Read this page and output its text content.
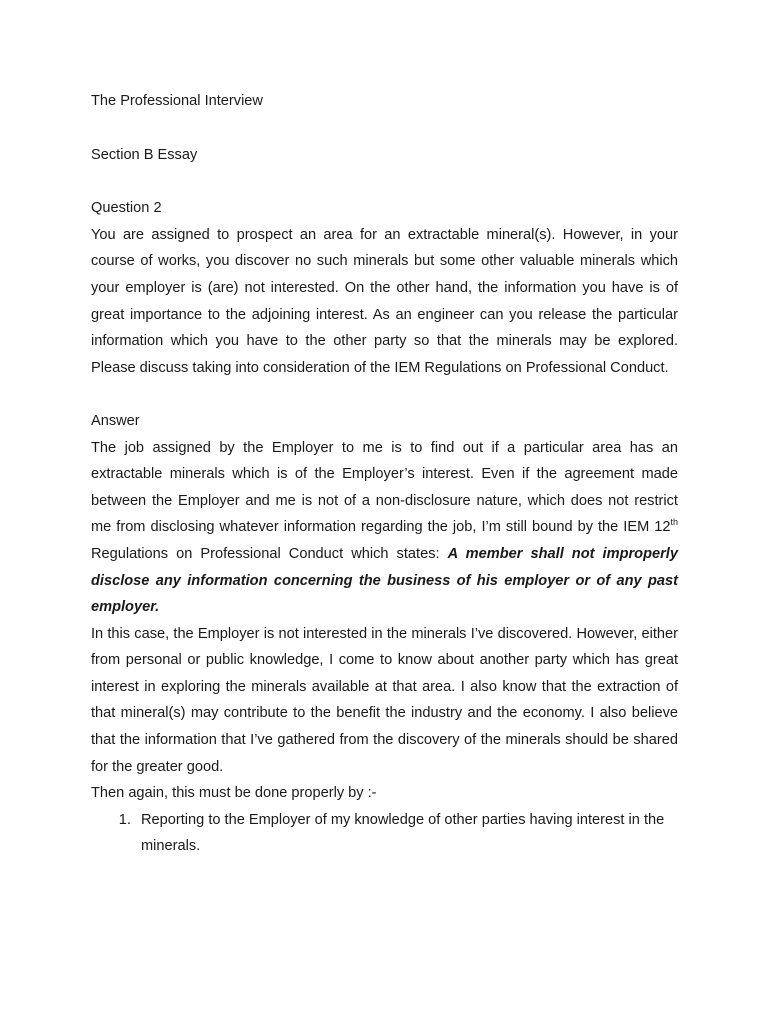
The Professional Interview

Section B Essay

Question 2

You are assigned to prospect an area for an extractable mineral(s). However, in your course of works, you discover no such minerals but some other valuable minerals which your employer is (are) not interested. On the other hand, the information you have is of great importance to the adjoining interest. As an engineer can you release the particular information which you have to the other party so that the minerals may be explored. Please discuss taking into consideration of the IEM Regulations on Professional Conduct.

Answer

The job assigned by the Employer to me is to find out if a particular area has an extractable minerals which is of the Employer’s interest. Even if the agreement made between the Employer and me is not of a non-disclosure nature, which does not restrict me from disclosing whatever information regarding the job, I’m still bound by the IEM 12th Regulations on Professional Conduct which states: A member shall not improperly disclose any information concerning the business of his employer or of any past employer.

In this case, the Employer is not interested in the minerals I’ve discovered. However, either from personal or public knowledge, I come to know about another party which has great interest in exploring the minerals available at that area. I also know that the extraction of that mineral(s) may contribute to the benefit the industry and the economy. I also believe that the information that I’ve gathered from the discovery of the minerals should be shared for the greater good.

Then again, this must be done properly by :-

1. Reporting to the Employer of my knowledge of other parties having interest in the minerals.
